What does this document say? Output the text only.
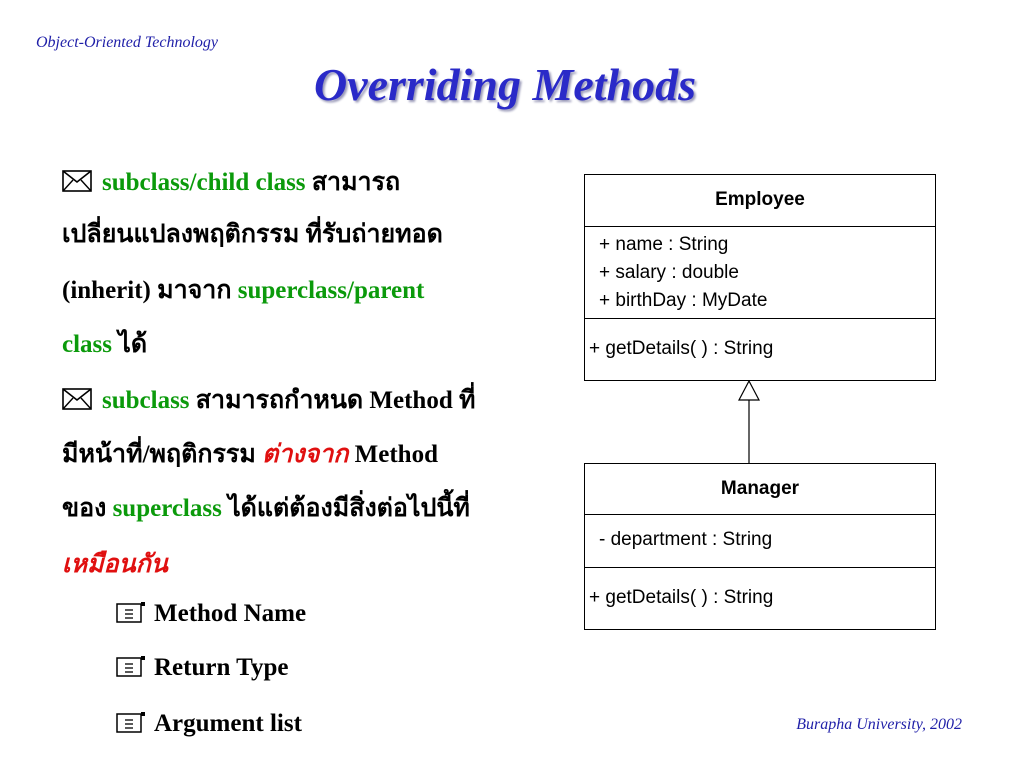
Object-Oriented Technology
Overriding Methods
subclass/child class สามารถ
เปลี่ยนแปลงพฤติกรรม ที่รับถ่ายทอด
(inherit) มาจาก superclass/parent
class ได้
subclass สามารถกำหนด Method ที่
มีหน้าที่/พฤติกรรม ต่างจาก Method
ของ superclass ได้แต่ต้องมีสิ่งต่อไปนี้ที่
เหมือนกัน
Method Name
Return Type
Argument list
Employee
+ name : String
+ salary : double
+ birthDay : MyDate
+ getDetails( ) : String
Manager
- department : String
+ getDetails( ) : String
Burapha University, 2002
